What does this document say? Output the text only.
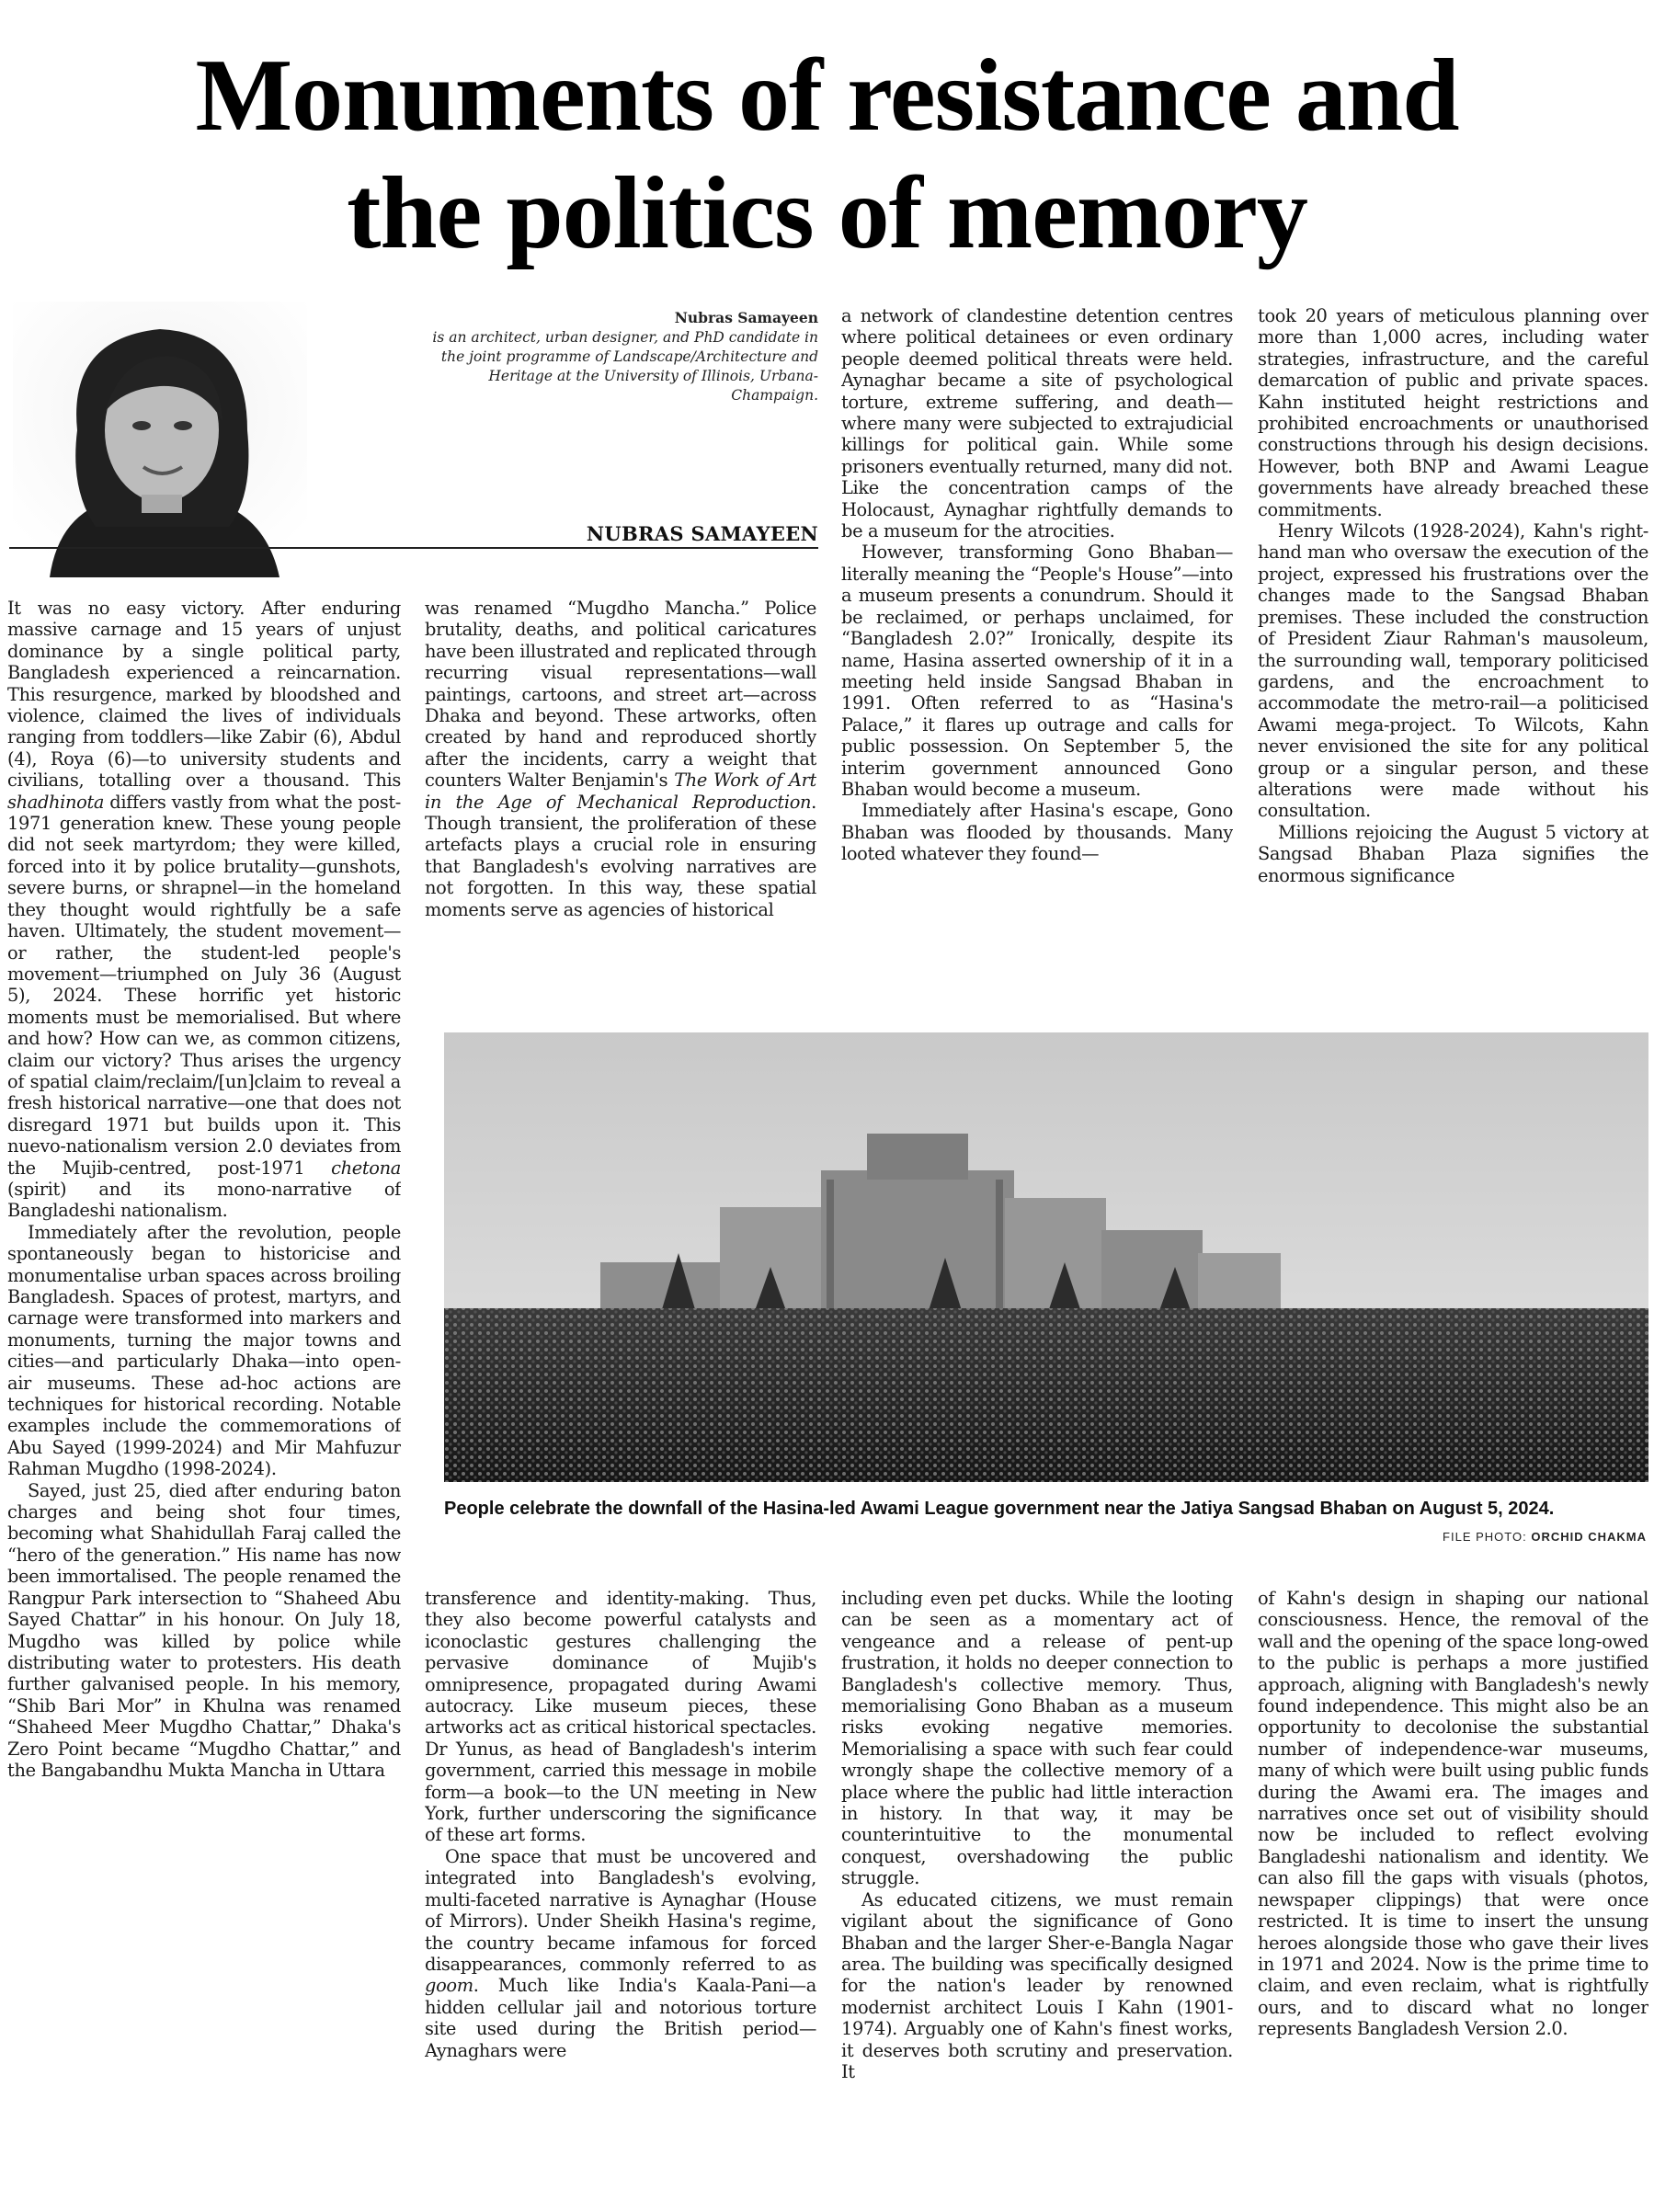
Monuments of resistance and
the politics of memory
Nubras Samayeen
is an architect, urban designer, and PhD candidate in the joint programme of Landscape/Architecture and Heritage at the University of Illinois, Urbana-Champaign.
NUBRAS SAMAYEEN

It was no easy victory. After enduring massive carnage and 15 years of unjust dominance by a single political party, Bangladesh experienced a reincarnation. This resurgence, marked by bloodshed and violence, claimed the lives of individuals ranging from toddlers—like Zabir (6), Abdul (4), Roya (6)—to university students and civilians, totalling over a thousand. This shadhinota differs vastly from what the post-1971 generation knew. These young people did not seek martyrdom; they were killed, forced into it by police brutality—gunshots, severe burns, or shrapnel—in the homeland they thought would rightfully be a safe haven. Ultimately, the student movement—or rather, the student-led people's movement—triumphed on July 36 (August 5), 2024. These horrific yet historic moments must be memorialised. But where and how? How can we, as common citizens, claim our victory? Thus arises the urgency of spatial claim/reclaim/[un]claim to reveal a fresh historical narrative—one that does not disregard 1971 but builds upon it. This nuevo-nationalism version 2.0 deviates from the Mujib-centred, post-1971 chetona (spirit) and its mono-narrative of Bangladeshi nationalism.

Immediately after the revolution, people spontaneously began to historicise and monumentalise urban spaces across broiling Bangladesh. Spaces of protest, martyrs, and carnage were transformed into markers and monuments, turning the major towns and cities—and particularly Dhaka—into open-air museums. These ad-hoc actions are techniques for historical recording. Notable examples include the commemorations of Abu Sayed (1999-2024) and Mir Mahfuzur Rahman Mugdho (1998-2024).

Sayed, just 25, died after enduring baton charges and being shot four times, becoming what Shahidullah Faraj called the “hero of the generation.” His name has now been immortalised. The people renamed the Rangpur Park intersection to “Shaheed Abu Sayed Chattar” in his honour. On July 18, Mugdho was killed by police while distributing water to protesters. His death further galvanised people. In his memory, “Shib Bari Mor” in Khulna was renamed “Shaheed Meer Mugdho Chattar,” Dhaka's Zero Point became “Mugdho Chattar,” and the Bangabandhu Mukta Mancha in Uttara

was renamed “Mugdho Mancha.” Police brutality, deaths, and political caricatures have been illustrated and replicated through recurring visual representations—wall paintings, cartoons, and street art—across Dhaka and beyond. These artworks, often created by hand and reproduced shortly after the incidents, carry a weight that counters Walter Benjamin's The Work of Art in the Age of Mechanical Reproduction. Though transient, the proliferation of these artefacts plays a crucial role in ensuring that Bangladesh's evolving narratives are not forgotten. In this way, these spatial moments serve as agencies of historical

a network of clandestine detention centres where political detainees or even ordinary people deemed political threats were held. Aynaghar became a site of psychological torture, extreme suffering, and death—where many were subjected to extrajudicial killings for political gain. While some prisoners eventually returned, many did not. Like the concentration camps of the Holocaust, Aynaghar rightfully demands to be a museum for the atrocities.

However, transforming Gono Bhaban—literally meaning the “People's House”—into a museum presents a conundrum. Should it be reclaimed, or perhaps unclaimed, for “Bangladesh 2.0?” Ironically, despite its name, Hasina asserted ownership of it in a meeting held inside Sangsad Bhaban in 1991. Often referred to as “Hasina's Palace,” it flares up outrage and calls for public possession. On September 5, the interim government announced Gono Bhaban would become a museum.

Immediately after Hasina's escape, Gono Bhaban was flooded by thousands. Many looted whatever they found—

took 20 years of meticulous planning over more than 1,000 acres, including water strategies, infrastructure, and the careful demarcation of public and private spaces. Kahn instituted height restrictions and prohibited encroachments or unauthorised constructions through his design decisions. However, both BNP and Awami League governments have already breached these commitments.

Henry Wilcots (1928-2024), Kahn's right-hand man who oversaw the execution of the project, expressed his frustrations over the changes made to the Sangsad Bhaban premises. These included the construction of President Ziaur Rahman's mausoleum, the surrounding wall, temporary politicised gardens, and the encroachment to accommodate the metro-rail—a politicised Awami mega-project. To Wilcots, Kahn never envisioned the site for any political group or a singular person, and these alterations were made without his consultation.

Millions rejoicing the August 5 victory at Sangsad Bhaban Plaza signifies the enormous significance

People celebrate the downfall of the Hasina-led Awami League government near the Jatiya Sangsad Bhaban on August 5, 2024.
FILE PHOTO: ORCHID CHAKMA

transference and identity-making. Thus, they also become powerful catalysts and iconoclastic gestures challenging the pervasive dominance of Mujib's omnipresence, propagated during Awami autocracy. Like museum pieces, these artworks act as critical historical spectacles. Dr Yunus, as head of Bangladesh's interim government, carried this message in mobile form—a book—to the UN meeting in New York, further underscoring the significance of these art forms.

One space that must be uncovered and integrated into Bangladesh's evolving, multi-faceted narrative is Aynaghar (House of Mirrors). Under Sheikh Hasina's regime, the country became infamous for forced disappearances, commonly referred to as goom. Much like India's Kaala-Pani—a hidden cellular jail and notorious torture site used during the British period—Aynaghars were

including even pet ducks. While the looting can be seen as a momentary act of vengeance and a release of pent-up frustration, it holds no deeper connection to Bangladesh's collective memory. Thus, memorialising Gono Bhaban as a museum risks evoking negative memories. Memorialising a space with such fear could wrongly shape the collective memory of a place where the public had little interaction in history. In that way, it may be counterintuitive to the monumental conquest, overshadowing the public struggle.

As educated citizens, we must remain vigilant about the significance of Gono Bhaban and the larger Sher-e-Bangla Nagar area. The building was specifically designed for the nation's leader by renowned modernist architect Louis I Kahn (1901-1974). Arguably one of Kahn's finest works, it deserves both scrutiny and preservation. It

of Kahn's design in shaping our national consciousness. Hence, the removal of the wall and the opening of the space long-owed to the public is perhaps a more justified approach, aligning with Bangladesh's newly found independence. This might also be an opportunity to decolonise the substantial number of independence-war museums, many of which were built using public funds during the Awami era. The images and narratives once set out of visibility should now be included to reflect evolving Bangladeshi nationalism and identity. We can also fill the gaps with visuals (photos, newspaper clippings) that were once restricted. It is time to insert the unsung heroes alongside those who gave their lives in 1971 and 2024. Now is the prime time to claim, and even reclaim, what is rightfully ours, and to discard what no longer represents Bangladesh Version 2.0.
